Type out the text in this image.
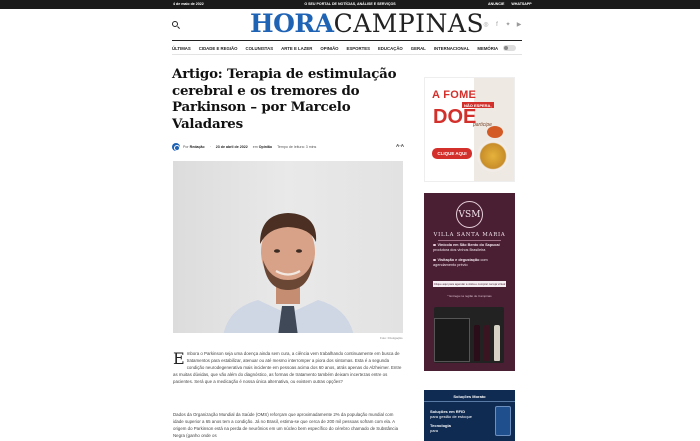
4 de maio de 2022	O SEU PORTAL DE NOTÍCIAS, ANÁLISE E SERVIÇOS	ANUNCIE WHATSAPP
HORACAMPINAS ◎	f	✦ ▶
ÚLTIMAS CIDADE E REGIÃO COLUNISTAS ARTE E LAZER OPINIÃO ESPORTES EDUCAÇÃO GERAL INTERNACIONAL MEMÓRIA
Artigo: Terapia de estimulação cerebral e os tremores do Parkinson – por Marcelo Valadares
Por
Redação · 23 de abril de 2022 em
Opinião Tempo de leitura: 3 mins	A-A
Foto: Divulgação
Embora o Parkinson seja uma doença ainda sem cura, a ciência vem trabalhando continuamente em busca de tratamentos para estabilizar, atenuar ou até mesmo interromper a piora dos sintomas. Esta é a segunda condição neurodegenerativa mais incidente em pessoas acima dos 60 anos, atrás apenas do Alzheimer. Entre as muitas dúvidas, que vão além do diagnóstico, as formas de tratamento também deixam incertezas entre os pacientes. Será que a medicação é nossa única alternativa, ou existem outras opções?
Dados da Organização Mundial da Saúde (OMS) reforçam que aproximadamente 2% da população mundial com idade superior a 65 anos tem a condição. Já no Brasil, estima-se que cerca de 200 mil pessoas sofram com ela. A origem do Parkinson está na perda de neurônios em um núcleo bem específico do cérebro chamado de Substância Negra (ganho onde os
A FOME
NÃO ESPERA,
DOE
participe
CLIQUE AQUI
VSM
VILLA SANTA MARIA
Vinícola em São Bento do Sapucaí produtora dos vinhos Brasileira
Visitação e degustação com agendamento prévio
Clique aqui para agendar a visita e comprar na loja virtual
* Entrega na região de Campinas
Soluções Morato
Soluções em RFID
para gestão de estoque
Tecnologia
para
